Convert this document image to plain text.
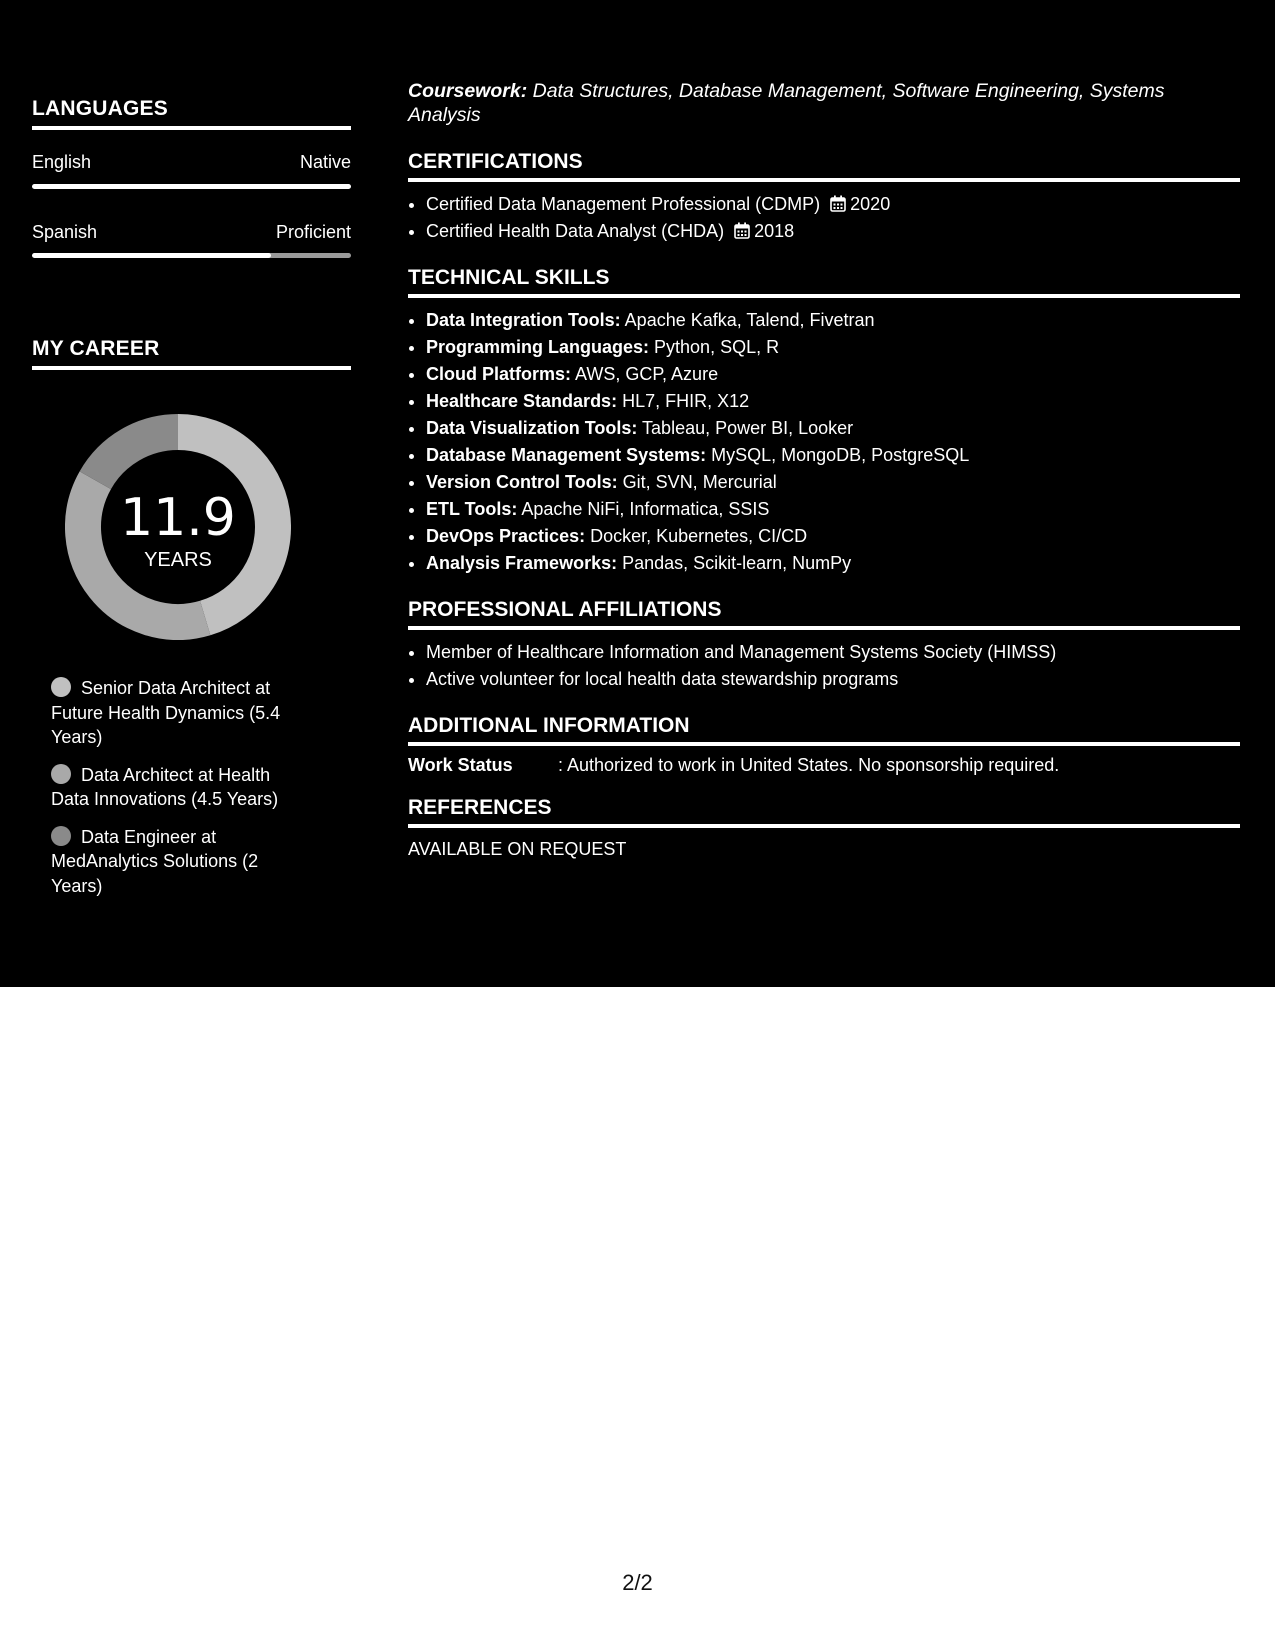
LANGUAGES
English	Native
Spanish	Proficient
MY CAREER
11.9
YEARS
Senior Data Architect at Future Health Dynamics (5.4 Years)
Data Architect at Health Data Innovations (4.5 Years)
Data Engineer at MedAnalytics Solutions (2 Years)

Coursework: Data Structures, Database Management, Software Engineering, Systems Analysis

CERTIFICATIONS
• Certified Data Management Professional (CDMP) 2020
• Certified Health Data Analyst (CHDA) 2018
TECHNICAL SKILLS
• Data Integration Tools: Apache Kafka, Talend, Fivetran
• Programming Languages: Python, SQL, R
• Cloud Platforms: AWS, GCP, Azure
• Healthcare Standards: HL7, FHIR, X12
• Data Visualization Tools: Tableau, Power BI, Looker
• Database Management Systems: MySQL, MongoDB, PostgreSQL
• Version Control Tools: Git, SVN, Mercurial
• ETL Tools: Apache NiFi, Informatica, SSIS
• DevOps Practices: Docker, Kubernetes, CI/CD
• Analysis Frameworks: Pandas, Scikit-learn, NumPy
PROFESSIONAL AFFILIATIONS
• Member of Healthcare Information and Management Systems Society (HIMSS)
• Active volunteer for local health data stewardship programs
ADDITIONAL INFORMATION
Work Status	: Authorized to work in United States. No sponsorship required.
REFERENCES
AVAILABLE ON REQUEST
2/2
